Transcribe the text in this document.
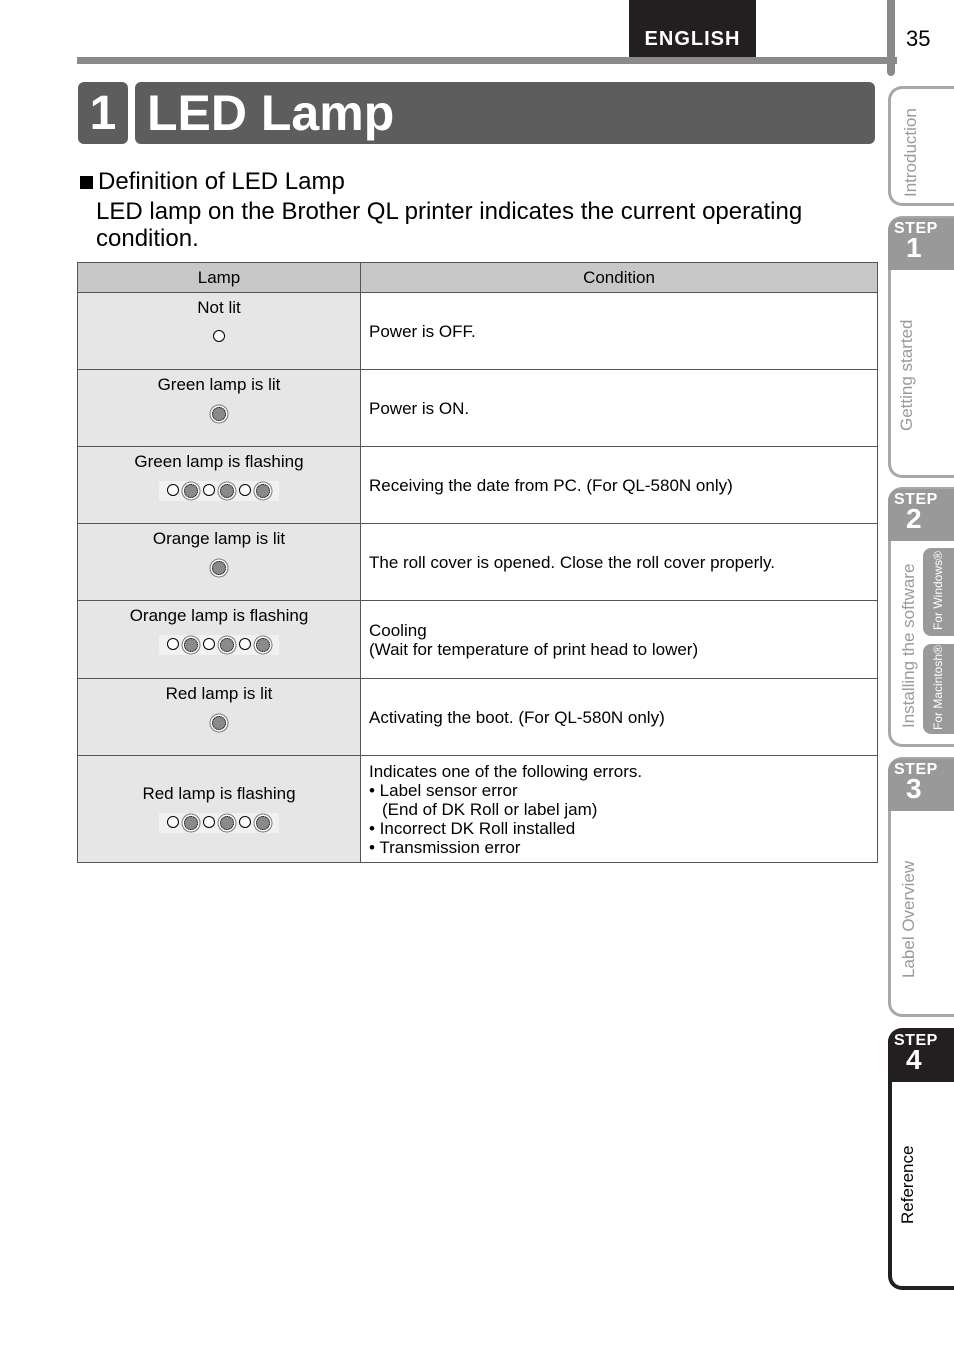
ENGLISH	35
1 LED Lamp
Definition of LED Lamp
LED lamp on the Brother QL printer indicates the current operating condition.
Lamp	Condition

Not lit	Power is OFF.

Green lamp is lit	Power is ON.

Green lamp is flashing	Receiving the date from PC. (For QL-580N only)

Orange lamp is lit	The roll cover is opened. Close the roll cover properly.

Orange lamp is flashing	Cooling
(Wait for temperature of print head to lower)

Red lamp is lit	Activating the boot. (For QL-580N only)

Red lamp is flashing	Indicates one of the following errors.
• Label sensor error
(End of DK Roll or label jam)
• Incorrect DK Roll installed
• Transmission error
Introduction
Getting started
STEP
1
Installing the software
STEP
2
For Windows®
For Macintosh®
Label Overview
STEP
3
Reference
STEP
4
